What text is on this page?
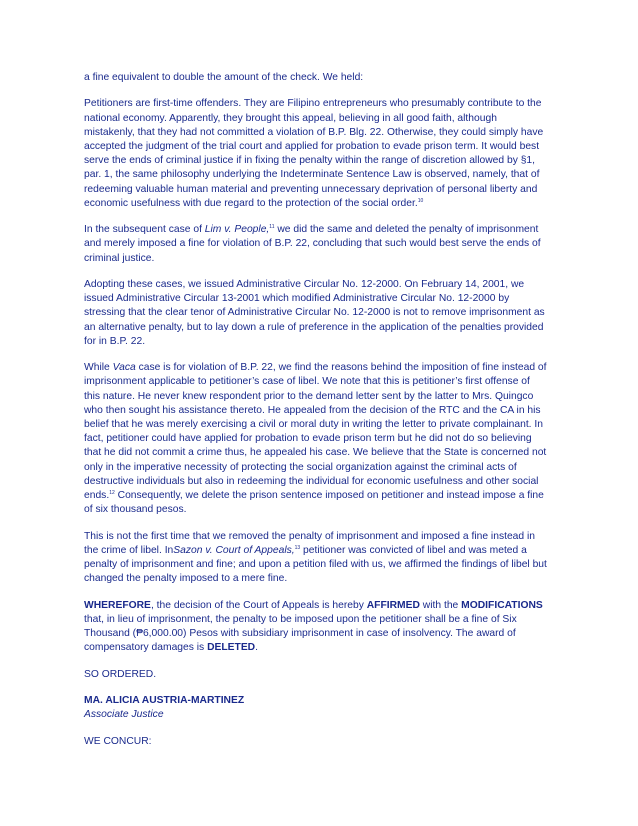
a fine equivalent to double the amount of the check. We held:

Petitioners are first-time offenders. They are Filipino entrepreneurs who presumably contribute to the national economy. Apparently, they brought this appeal, believing in all good faith, although mistakenly, that they had not committed a violation of B.P. Blg. 22. Otherwise, they could simply have accepted the judgment of the trial court and applied for probation to evade prison term. It would best serve the ends of criminal justice if in fixing the penalty within the range of discretion allowed by §1, par. 1, the same philosophy underlying the Indeterminate Sentence Law is observed, namely, that of redeeming valuable human material and preventing unnecessary deprivation of personal liberty and economic usefulness with due regard to the protection of the social order.$^{10}$

In the subsequent case of Lim v. People,$^{11}$ we did the same and deleted the penalty of imprisonment and merely imposed a fine for violation of B.P. 22, concluding that such would best serve the ends of criminal justice.

Adopting these cases, we issued Administrative Circular No. 12-2000. On February 14, 2001, we issued Administrative Circular 13-2001 which modified Administrative Circular No. 12-2000 by stressing that the clear tenor of Administrative Circular No. 12-2000 is not to remove imprisonment as an alternative penalty, but to lay down a rule of preference in the application of the penalties provided for in B.P. 22.

While Vaca case is for violation of B.P. 22, we find the reasons behind the imposition of fine instead of imprisonment applicable to petitioner’s case of libel. We note that this is petitioner’s first offense of this nature. He never knew respondent prior to the demand letter sent by the latter to Mrs. Quingco who then sought his assistance thereto. He appealed from the decision of the RTC and the CA in his belief that he was merely exercising a civil or moral duty in writing the letter to private complainant. In fact, petitioner could have applied for probation to evade prison term but he did not do so believing that he did not commit a crime thus, he appealed his case. We believe that the State is concerned not only in the imperative necessity of protecting the social organization against the criminal acts of destructive individuals but also in redeeming the individual for economic usefulness and other social ends.$^{12}$ Consequently, we delete the prison sentence imposed on petitioner and instead impose a fine of six thousand pesos.

This is not the first time that we removed the penalty of imprisonment and imposed a fine instead in the crime of libel. InSazon v. Court of Appeals,$^{13}$ petitioner was convicted of libel and was meted a penalty of imprisonment and fine; and upon a petition filed with us, we affirmed the findings of libel but changed the penalty imposed to a mere fine.

WHEREFORE, the decision of the Court of Appeals is hereby AFFIRMED with the MODIFICATIONS that, in lieu of imprisonment, the penalty to be imposed upon the petitioner shall be a fine of Six Thousand (₱6,000.00) Pesos with subsidiary imprisonment in case of insolvency. The award of compensatory damages is DELETED.

SO ORDERED.

MA. ALICIA AUSTRIA-MARTINEZ
Associate Justice

WE CONCUR:
